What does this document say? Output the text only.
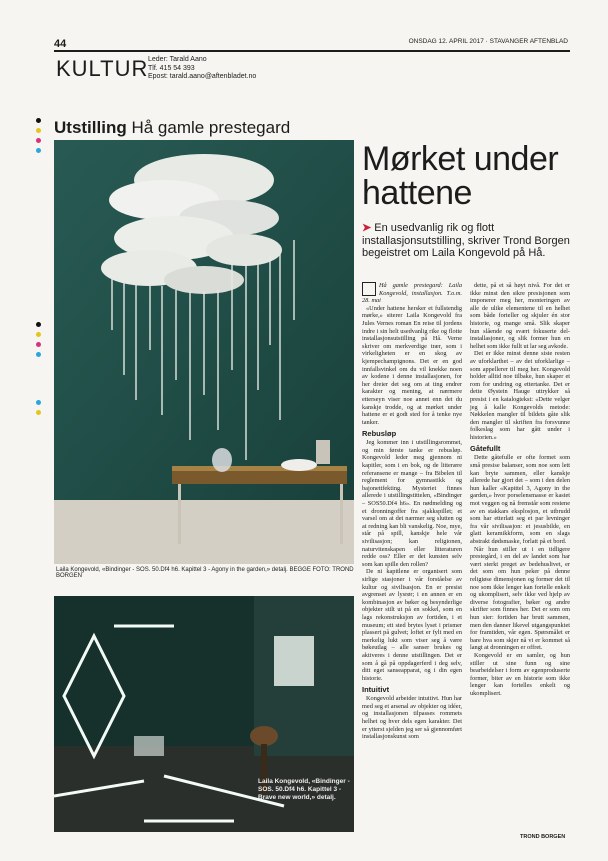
44	ONSDAG 12. APRIL 2017 · STAVANGER AFTENBLAD
KULTUR Leder: Tarald Aano
Tlf. 415 54 393
Epost: tarald.aano@aftenbladet.no
Utstilling Hå gamle prestegard
Laila Kongevold, «Bindinger - SOS. 50.Df4 h6. Kapittel 3 - Agony in the garden,» detalj. BEGGE FOTO: TROND BORGEN
Laila Kongevold, «Bindinger - SOS. 50.Df4 h6. Kapittel 3 - Brave new world,» detalj.
Mørket under hattene
➤ En usedvanlig rik og flott installasjonsutstilling, skriver Trond Borgen begeistret om Laila Kongevold på Hå.

Hå gamle prestegard: Laila Kongevold, installasjon. T.o.m. 28. mai

«Under hattene hersker et fullstendig mørke,» siterer Laila Kongevold fra Jules Vernes roman En reise til jordens indre i sin helt usedvanlig rike og flotte installasjonsutstilling på Hå. Verne skriver om merkverdige trær, som i virkeligheten er en skog av kjempechampignons. Det er en god innfallsvinkel om du vil knekke noen av kodene i denne installasjonen, for her dreier det seg om at ting endrer karakter og mening, at nærmere etterseyn viser noe annet enn det du kanskje trodde, og at mørket under hattene er et godt sted for å tenke nye tanker.

Rebusløp

Jeg kommer inn i utstillingsrommet, og min første tanke er rebusløp. Kongevold leder meg gjennom ni kapitler, som i en bok, og de litterære referansene er mange – fra Bibelen til reglement for gymnastikk og bajonettfekting. Mysteriet finnes allerede i utstillingstittelen, «Bindinger – SOS50.Df4 h6». En nødmelding og et dronningoffer fra sjakkspillet; et varsel om at det nærmer seg slutten og at redning kan bli vanskelig. Noe, mye, står på spill, kanskje hele vår sivilisasjon; kan religionen, naturvitenskapen eller litteraturen redde oss? Eller er det kunsten selv som kan spille den rollen?

De ni kapitlene er organisert som sirlige stasjoner i vår forståelse av kultur og sivilisasjon. En er presist avgrenset av lysrør; i en annen er en kombinasjon av bøker og besynderlige objekter stilt ut på en sokkel, som en lags rekonstruksjon av fortiden, i et museum; ett sted brytes lyset i prismer plassert på gulvet; loftet er fylt med en merkelig lukt som viser seg å være bøkeutlag – alle sanser brukes og aktiveres i denne utstillingen. Det er som å gå på oppdagerferd i deg selv, ditt eget sanseapparat, og i din egen historie.

Intuitivt

Kongevold arbeider intuitivt. Hun har med seg et arsenal av objekter og idéer, og installasjonen tilpasses rommets helhet og hver dels egen karakter. Det er ytterst sjelden jeg ser så gjennomført installasjonskunst som

dette, på et så høyt nivå. For det er ikke minst den sikre presisjonen som imponerer meg her, monteringen av alle de ulike elementene til en helhet som både forteller og skjuler én stor historie, og mange små. Slik skaper hun slående og svært fokuserte del-installasjoner, og slik former hun en helhet som ikke fullt ut lar seg avkode.

Det er ikke minst denne siste resten av uforklarthet – av det uforklarlige – som appellerer til meg her. Kongevold holder alltid noe tilbake, hun skaper et rom for undring og ettertanke. Det er dette Øystein Hauge uttrykker så presist i en katalogtekst: «Dette velger jeg å kalle Kongevolds metode: Nøkkelen mangler til bildets gåte slik den mangler til skriften fra forsvunne folkeslag som har gått under i historien.»

Gåtefullt

Dette gåtefulle er ofte formet som små presise balanser, som noe som lett kan bryte sammen, eller kanskje allerede har gjort det – som i den delen hun kaller «Kapittel 3, Agony in the garden,» hvor porselensmasse er kastet mot veggen og nå fremstår som restene av en stakkars eksplosjon, et utbrudd som har etterlatt seg et par levninger fra vår sivilisasjon: et jesusbilde, en glatt keramikkform, som en slags abstrakt dødsmaske, forlatt på et bord.

Når hun stiller ut i en tidligere prestegård, i en del av landet som har vært sterkt preget av bedehuslivet, er det som om hun peker på denne religiøse dimensjonen og former det til noe som ikke lenger kan fortelle enkelt og ukomplisert, selv ikke ved hjelp av diverse fotografier, bøker og andre skrifter som finnes her. Det er som om hun sier: fortiden har brutt sammen, men den danner likevel utgangspunktet for framtiden, vår egen. Spørsmålet er bare hva som skjer nå vi er kommet så langt at dronningen er offret.

Kongevold er en samler, og hun stiller ut sine funn og sine bearbeidelser i form av egenproduserte former, biter av en historie som ikke lenger kan fortelles enkelt og ukomplisert.

TROND BORGEN
